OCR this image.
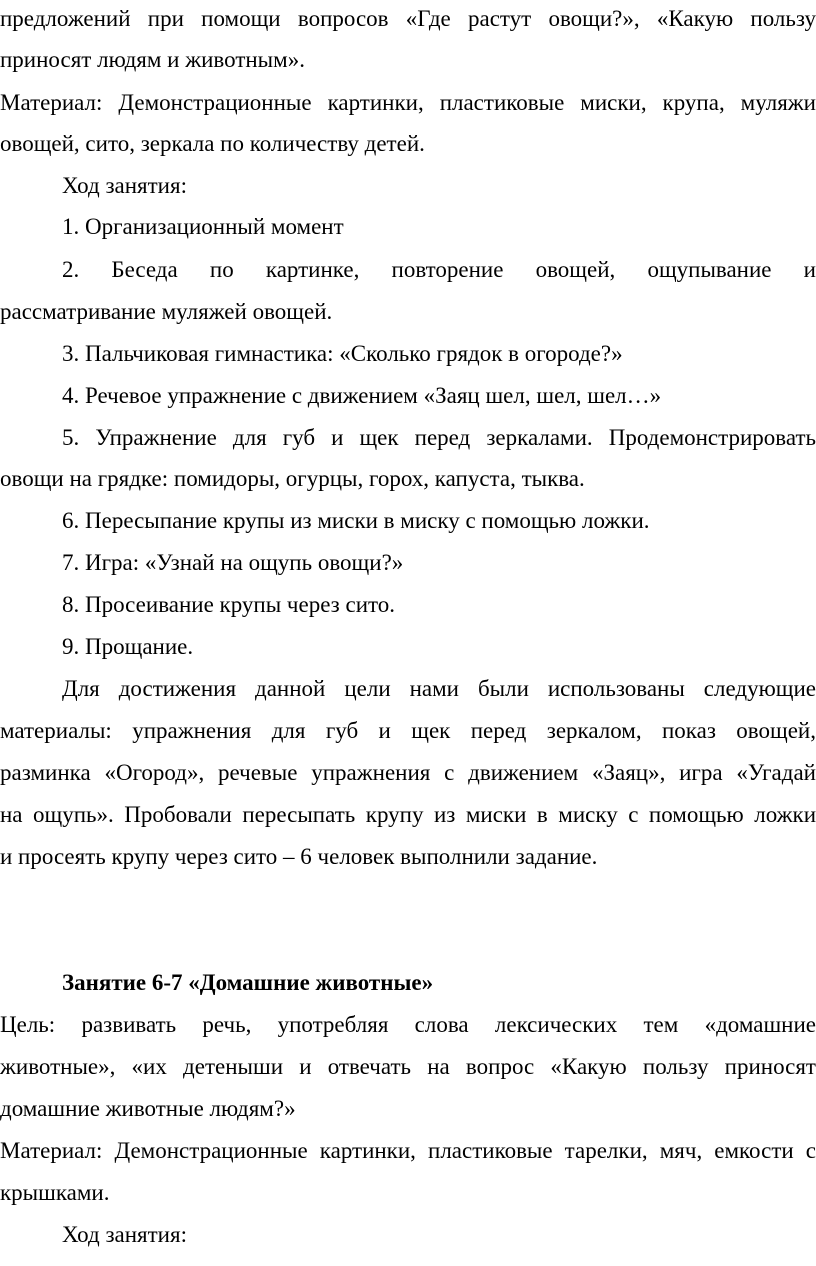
предложений при помощи вопросов «Где растут овощи?», «Какую пользу
приносят людям и животным».
Материал: Демонстрационные картинки, пластиковые миски, крупа, муляжи
овощей, сито, зеркала по количеству детей.
Ход занятия:
1. Организационный момент
2. Беседа по картинке, повторение овощей, ощупывание и
рассматривание муляжей овощей.
3. Пальчиковая гимнастика: «Сколько грядок в огороде?»
4. Речевое упражнение с движением «Заяц шел, шел, шел…»
5. Упражнение для губ и щек перед зеркалами. Продемонстрировать
овощи на грядке: помидоры, огурцы, горох, капуста, тыква.
6. Пересыпание крупы из миски в миску с помощью ложки.
7. Игра: «Узнай на ощупь овощи?»
8. Просеивание крупы через сито.
9. Прощание.
Для достижения данной цели нами были использованы следующие
материалы: упражнения для губ и щек перед зеркалом, показ овощей,
разминка «Огород», речевые упражнения с движением «Заяц», игра «Угадай
на ощупь». Пробовали пересыпать крупу из миски в миску с помощью ложки
и просеять крупу через сито – 6 человек выполнили задание.
Занятие 6-7 «Домашние животные»
Цель: развивать речь, употребляя слова лексических тем «домашние
животные», «их детеныши и отвечать на вопрос «Какую пользу приносят
домашние животные людям?»
Материал: Демонстрационные картинки, пластиковые тарелки, мяч, емкости с
крышками.
Ход занятия:
